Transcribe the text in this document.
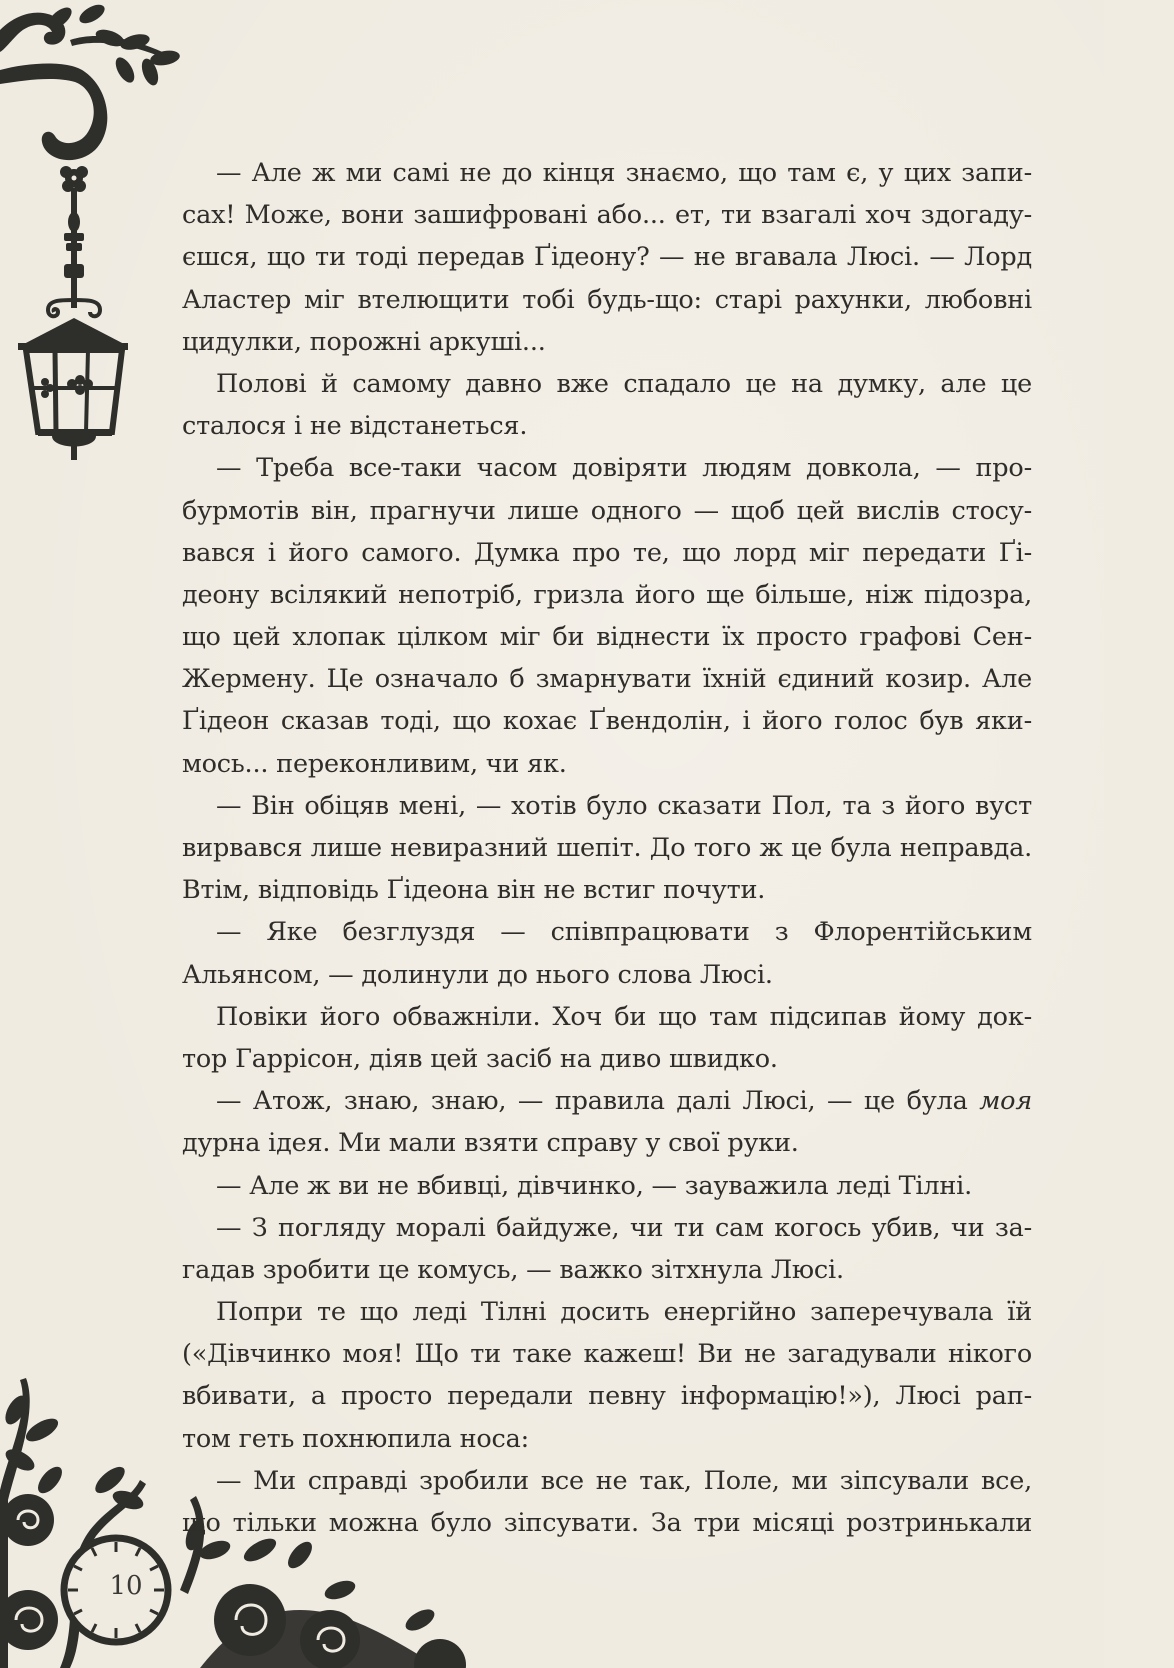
10
— Але ж ми самі не до кінця знаємо, що там є, у цих запи-
сах! Може, вони зашифровані або... ет, ти взагалі хоч здогаду-
єшся, що ти тоді передав Ґідеону? — не вгавала Люсі. — Лорд
Аластер міг втелющити тобі будь-що: старі рахунки, любовні
цидулки, порожні аркуші...
Полові й самому давно вже спадало це на думку, але це
сталося і не відстанеться.
— Треба все-таки часом довіряти людям довкола, — про-
бурмотів він, прагнучи лише одного — щоб цей вислів стосу-
вався і його самого. Думка про те, що лорд міг передати Ґі-
деону всілякий непотріб, гризла його ще більше, ніж підозра,
що цей хлопак цілком міг би віднести їх просто графові Сен-
Жермену. Це означало б змарнувати їхній єдиний козир. Але
Ґідеон сказав тоді, що кохає Ґвендолін, і його голос був яки-
мось... переконливим, чи як.
— Він обіцяв мені, — хотів було сказати Пол, та з його вуст
вирвався лише невиразний шепіт. До того ж це була неправда.
Втім, відповідь Ґідеона він не встиг почути.
— Яке безглуздя — співпрацювати з Флорентійським
Альянсом, — долинули до нього слова Люсі.
Повіки його обважніли. Хоч би що там підсипав йому док-
тор Гаррісон, діяв цей засіб на диво швидко.
— Атож, знаю, знаю, — правила далі Люсі, — це була моя
дурна ідея. Ми мали взяти справу у свої руки.
— Але ж ви не вбивці, дівчинко, — зауважила леді Тілні.
— З погляду моралі байдуже, чи ти сам когось убив, чи за-
гадав зробити це комусь, — важко зітхнула Люсі.
Попри те що леді Тілні досить енергійно заперечувала їй
(«Дівчинко моя! Що ти таке кажеш! Ви не загадували нікого
вбивати, а просто передали певну інформацію!»), Люсі рап-
том геть похнюпила носа:
— Ми справді зробили все не так, Поле, ми зіпсували все,
що тільки можна було зіпсувати. За три місяці розтринькали
